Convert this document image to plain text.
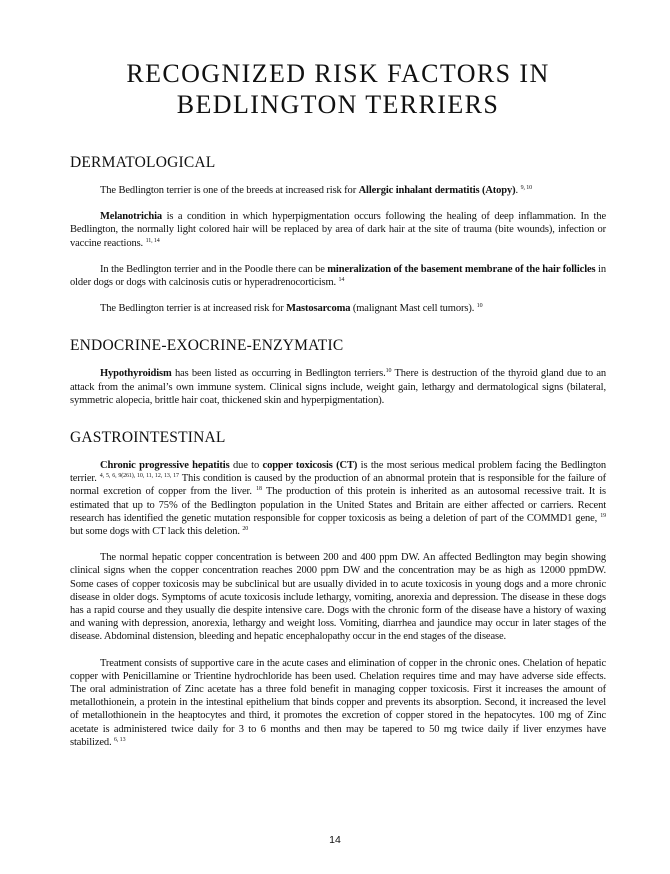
RECOGNIZED RISK FACTORS IN
BEDLINGTON TERRIERS
DERMATOLOGICAL

The Bedlington terrier is one of the breeds at increased risk for Allergic inhalant dermatitis (Atopy). $^{9, 10}$

Melanotrichia is a condition in which hyperpigmentation occurs following the healing of deep inflammation. In the Bedlington, the normally light colored hair will be replaced by area of dark hair at the site of trauma (bite wounds), infection or vaccine reactions. $^{11, 14}$

In the Bedlington terrier and in the Poodle there can be mineralization of the basement membrane of the hair follicles in older dogs or dogs with calcinosis cutis or hyperadrenocorticism. $^{14}$

The Bedlington terrier is at increased risk for Mastosarcoma (malignant Mast cell tumors). $^{10}$

ENDOCRINE-EXOCRINE-ENZYMATIC

Hypothyroidism has been listed as occurring in Bedlington terriers.$^{10}$ There is destruction of the thyroid gland due to an attack from the animal’s own immune system. Clinical signs include, weight gain, lethargy and dermatological signs (bilateral, symmetric alopecia, brittle hair coat, thickened skin and hyperpigmentation).

GASTROINTESTINAL

Chronic progressive hepatitis due to copper toxicosis (CT) is the most serious medical problem facing the Bedlington terrier. $^{4, 5, 6, 9(261), 10, 11, 12, 13, 17}$ This condition is caused by the production of an abnormal protein that is responsible for the failure of normal excretion of copper from the liver. $^{18}$ The production of this protein is inherited as an autosomal recessive trait. It is estimated that up to 75% of the Bedlington population in the United States and Britain are either affected or carriers. Recent research has identified the genetic mutation responsible for copper toxicosis as being a deletion of part of the COMMD1 gene, $^{19}$ but some dogs with CT lack this deletion. $^{20}$

The normal hepatic copper concentration is between 200 and 400 ppm DW. An affected Bedlington may begin showing clinical signs when the copper concentration reaches 2000 ppm DW and the concentration may be as high as 12000 ppmDW. Some cases of copper toxicosis may be subclinical but are usually divided in to acute toxicosis in young dogs and a more chronic disease in older dogs. Symptoms of acute toxicosis include lethargy, vomiting, anorexia and depression. The disease in these dogs has a rapid course and they usually die despite intensive care. Dogs with the chronic form of the disease have a history of waxing and waning with depression, anorexia, lethargy and weight loss. Vomiting, diarrhea and jaundice may occur in later stages of the disease. Abdominal distension, bleeding and hepatic encephalopathy occur in the end stages of the disease.

Treatment consists of supportive care in the acute cases and elimination of copper in the chronic ones. Chelation of hepatic copper with Penicillamine or Trientine hydrochloride has been used. Chelation requires time and may have adverse side effects. The oral administration of Zinc acetate has a three fold benefit in managing copper toxicosis. First it increases the amount of metallothionein, a protein in the intestinal epithelium that binds copper and prevents its absorption. Second, it increased the level of metallothionein in the heaptocytes and third, it promotes the excretion of copper stored in the hepatocytes. 100 mg of Zinc acetate is administered twice daily for 3 to 6 months and then may be tapered to 50 mg twice daily if liver enzymes have stabilized. $^{6, 13}$

14
